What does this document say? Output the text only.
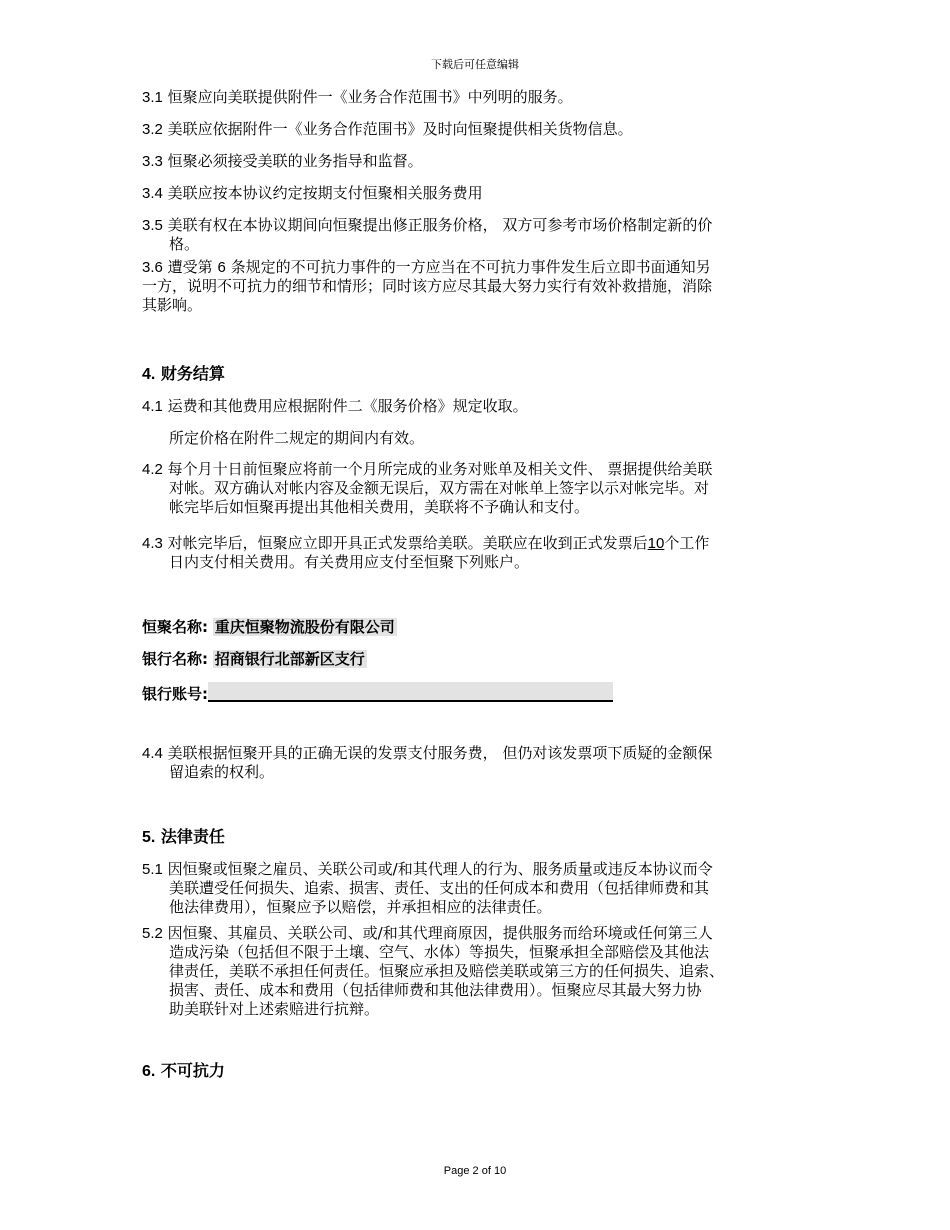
下载后可任意编辑
3.1 恒聚应向美联提供附件一《业务合作范围书》中列明的服务。
3.2 美联应依据附件一《业务合作范围书》及时向恒聚提供相关货物信息。
3.3 恒聚必须接受美联的业务指导和监督。
3.4 美联应按本协议约定按期支付恒聚相关服务费用
3.5 美联有权在本协议期间向恒聚提出修正服务价格， 双方可参考市场价格制定新的价
格。
3.6 遭受第 6 条规定的不可抗力事件的一方应当在不可抗力事件发生后立即书面通知另
一方，说明不可抗力的细节和情形；同时该方应尽其最大努力实行有效补救措施，消除
其影响。
4. 财务结算
4.1 运费和其他费用应根据附件二《服务价格》规定收取。
所定价格在附件二规定的期间内有效。
4.2 每个月十日前恒聚应将前一个月所完成的业务对账单及相关文件、 票据提供给美联
对帐。双方确认对帐内容及金额无误后，双方需在对帐单上签字以示对帐完毕。对
帐完毕后如恒聚再提出其他相关费用，美联将不予确认和支付。
4.3 对帐完毕后，恒聚应立即开具正式发票给美联。美联应在收到正式发票后10个工作
日内支付相关费用。有关费用应支付至恒聚下列账户。
恒聚名称: 重庆恒聚物流股份有限公司
银行名称: 招商银行北部新区支行
银行账号:
4.4 美联根据恒聚开具的正确无误的发票支付服务费， 但仍对该发票项下质疑的金额保
留追索的权利。
5. 法律责任
5.1 因恒聚或恒聚之雇员、关联公司或/和其代理人的行为、服务质量或违反本协议而令
美联遭受任何损失、追索、损害、责任、支出的任何成本和费用（包括律师费和其
他法律费用），恒聚应予以赔偿，并承担相应的法律责任。
5.2 因恒聚、其雇员、关联公司、或/和其代理商原因，提供服务而给环境或任何第三人
造成污染（包括但不限于土壤、空气、水体）等损失，恒聚承担全部赔偿及其他法
律责任，美联不承担任何责任。恒聚应承担及赔偿美联或第三方的任何损失、追索、
损害、责任、成本和费用（包括律师费和其他法律费用）。恒聚应尽其最大努力协
助美联针对上述索赔进行抗辩。
6. 不可抗力
Page 2 of 10
